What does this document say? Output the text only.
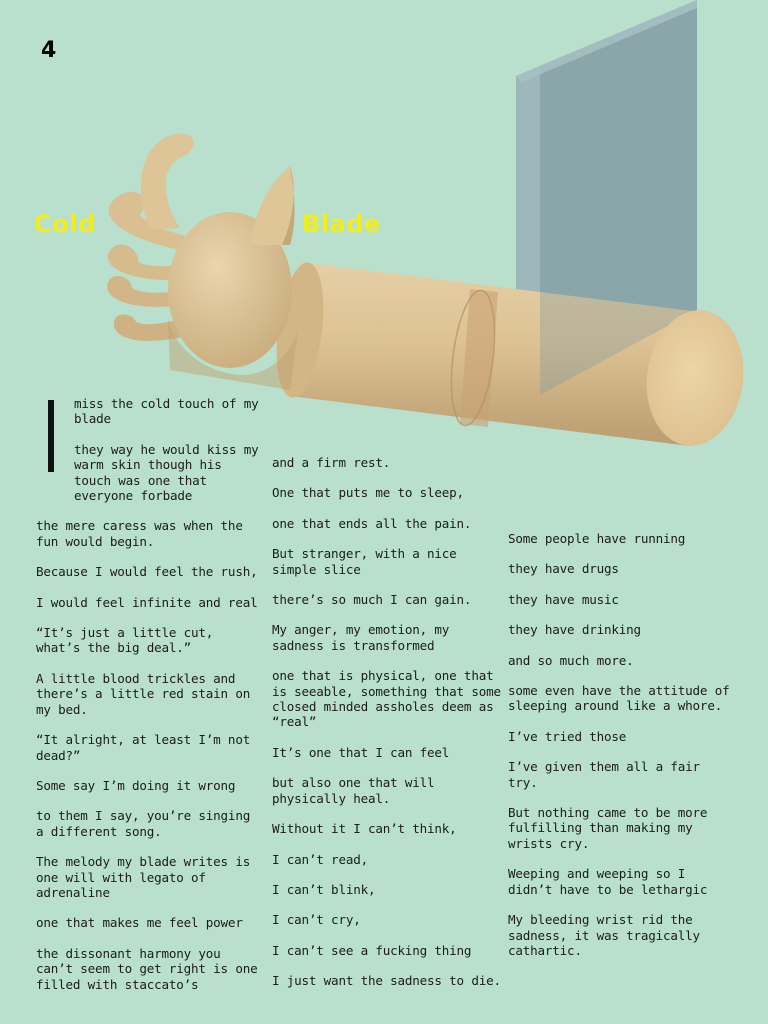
4
Cold	Blade

miss the cold touch of my blade

they way he would kiss my warm skin though his touch was one that everyone forbade

the mere caress was when the fun would begin.

Because I would feel the rush,

I would feel infinite and real

“It’s just a little cut, what’s the big deal.”

A little blood trickles and there’s a little red stain on my bed.

“It alright, at least I’m not dead?”

Some say I’m doing it wrong

to them I say, you’re singing a different song.

The melody my blade writes is one will with legato of adrenaline

one that makes me feel power

the dissonant harmony you can’t seem to get right is one filled with staccato’s

and a firm rest.

One that puts me to sleep,

one that ends all the pain.

But stranger, with a nice simple slice

there’s so much I can gain.

My anger, my emotion, my sadness is transformed

one that is physical, one that is seeable, something that some closed minded assholes deem as “real”

It’s one that I can feel

but also one that will physically heal.

Without it I can’t think,

I can’t read,

I can’t blink,

I can’t cry,

I can’t see a fucking thing

I just want the sadness to die.

Some people have running

they have drugs

they have music

they have drinking

and so much more.

some even have the attitude of sleeping around like a whore.

I’ve tried those

I’ve given them all a fair try.

But nothing came to be more fulfilling than making my wrists cry.

Weeping and weeping so I didn’t have to be lethargic

My bleeding wrist rid the sadness, it was tragically cathartic.
